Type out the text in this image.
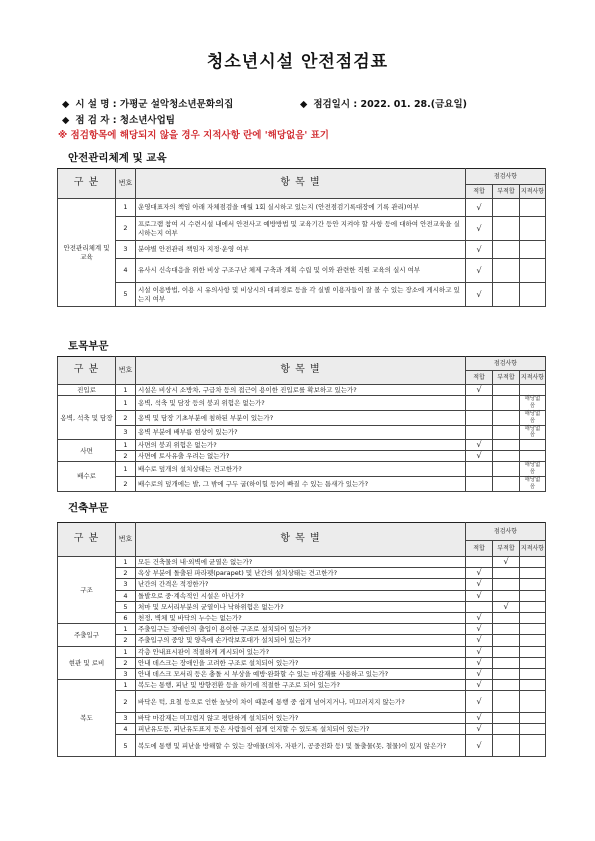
청소년시설 안전점검표
◆ 시 설 명 : 가평군 설악청소년문화의집	◆ 점검일시 : 2022. 01. 28.(금요일)
◆ 점 검 자 : 청소년사업팀
※ 점검항목에 해당되지 않을 경우 지적사항 란에 '해당없음' 표기
안전관리체계 및 교육
구 분	번호	항 목 별	점검사항		
			적합	부적합	지적사항
안전관리체계 및 교육	1	운영대표자의 책임 아래 자체점검을 매월 1회 실시하고 있는지 (안전점검기록대장에 기록 관리)여부	√		
	2	프로그램 참여 시 수련시설 내에서 안전사고 예방방법 및 교육기간 등안 지켜야 할 사항 등에 대하여 안전교육을 실시하는지 여부	√		
	3	분야별 안전관리 책임자 지정·운영 여부	√		
	4	유사시 신속대응을 위한 비상 구조구난 체제 구축과 계획 수립 및 이와 관련한 직원 교육의 실시 여부	√		
	5	시설 이용방법, 이용 시 유의사항 및 비상시의 대피경로 등을 각 실별 이용자들이 잘 볼 수 있는 장소에 게시하고 있는지 여부	√		
토목부문
구 분	번호	항 목 별	점검사항		
			적합	부적합	지적사항
진입로	1	시설은 비상시 소방차, 구급차 등의 접근이 용이한 진입로를 확보하고 있는가?	√		
옹벽, 석축 및 담장	1	옹벽, 석축 및 담장 등의 붕괴 위험은 없는가?			해당없음
	2	옹벽 및 담장 기초부분에 침하된 부분이 있는가?			해당없음
	3	옹벽 부분에 배부름 현상이 있는가?			해당없음
사면	1	사면의 붕괴 위험은 없는가?	√		
	2	사면에 토사유출 우려는 없는가?	√		
배수로	1	배수로 덮개의 설치상태는 견고한가?			해당없음
	2	배수로의 덮개에는 발, 그 밖에 구두 굽(하이힐 등)이 빠질 수 있는 틈새가 있는가?			해당없음
건축부문
구 분	번호	항 목 별	점검사항		
			적합	부적합	지적사항
구조	1	모든 건축물의 내·외벽에 균열은 없는가?		√	
	2	옥상 부분에 돌출된 파라펫(parapet) 및 난간의 설치상태는 견고한가?	√		
	3	난간의 간격은 적정한가?	√		
	4	돌발으로 중·계속적인 시설은 아닌가?	√		
	5	처마 및 모서리부분의 균열이나 낙하위험은 없는가?		√	
	6	천정, 벽체 및 바닥의 누수는 없는가?	√		
주출입구	1	주출입구는 장애인의 출입이 용이한 구조로 설치되어 있는가?	√		
	2	주출입구의 중앙 및 양측에 손가락보호대가 설치되어 있는가?	√		
현관 및 로비	1	각층 안내표시판이 적절하게 게시되어 있는가?	√		
	2	안내 데스크는 장애인을 고려한 구조로 설치되어 있는가?	√		
	3	안내 데스크 모서리 등은 충돌 시 부상을 예방·완화할 수 있는 마감재를 사용하고 있는가?	√		
복도	1	복도는 통행, 피난 및 방향전환 등을 하기에 적절한 구조로 되어 있는가?	√		
	2	바닥은 턱, 요철 등으로 인한 높낮이 차이 때문에 통행 중 쉽게 넘어지거나, 미끄러지지 않는가?	√		
	3	바닥 마감재는 미끄럽지 않고 평탄하게 설치되어 있는가?	√		
	4	피난유도등, 피난유도표지 등은 사람들이 쉽게 인지할 수 있도록 설치되어 있는가?	√		
	5	복도에 통행 및 피난을 방해할 수 있는 장애물(의자, 자판기, 공중전화 등) 및 돌출물(못, 철물)이 있지 않은가?	√		
